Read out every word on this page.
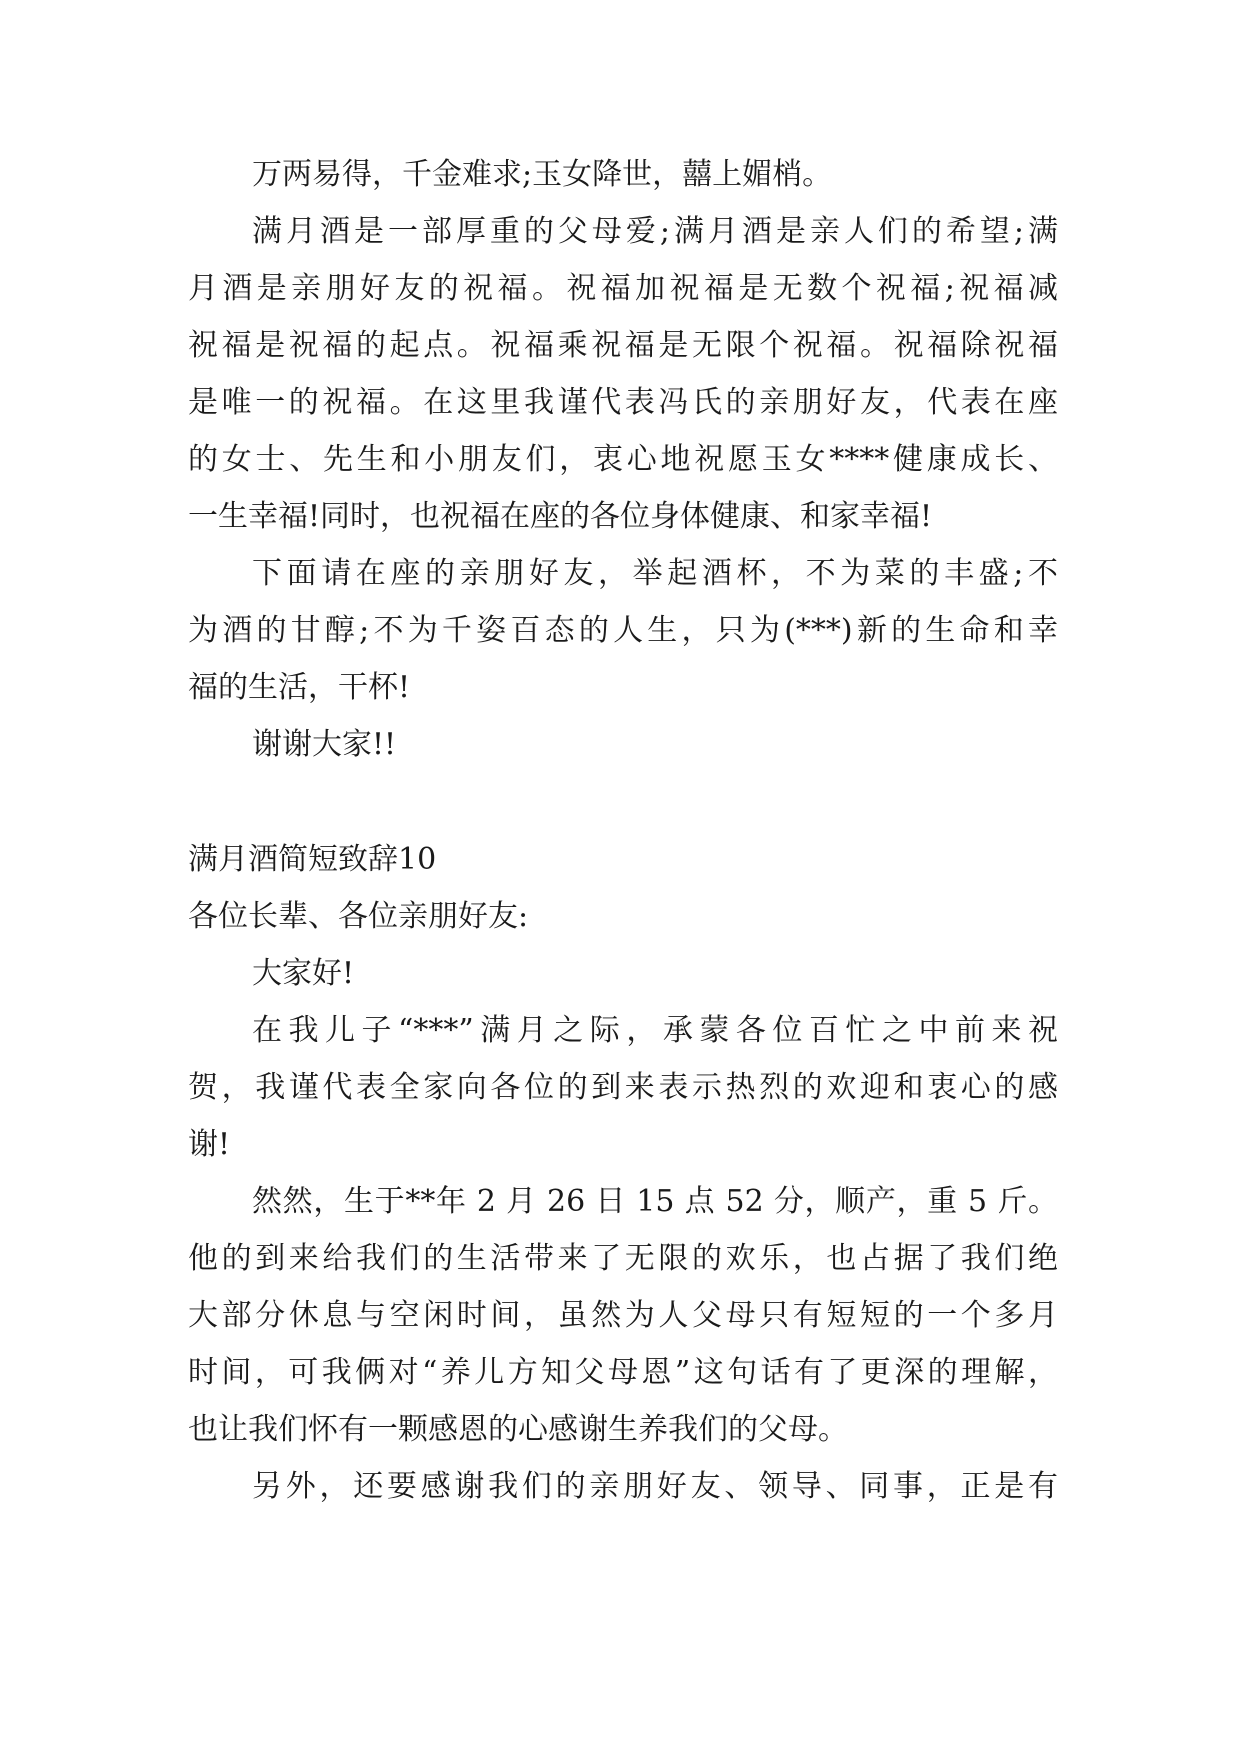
万两易得，千金难求;玉女降世，囍上媚梢。
满月酒是一部厚重的父母爱;满月酒是亲人们的希望;满
月酒是亲朋好友的祝福。祝福加祝福是无数个祝福;祝福减
祝福是祝福的起点。祝福乘祝福是无限个祝福。祝福除祝福
是唯一的祝福。在这里我谨代表冯氏的亲朋好友，代表在座
的女士、先生和小朋友们，衷心地祝愿玉女****健康成长、
一生幸福!同时，也祝福在座的各位身体健康、和家幸福!
下面请在座的亲朋好友，举起酒杯，不为菜的丰盛;不
为酒的甘醇;不为千姿百态的人生，只为(***)新的生命和幸
福的生活，干杯!
谢谢大家!!
满月酒简短致辞10
各位长辈、各位亲朋好友:
大家好!
在我儿子“***”满月之际，承蒙各位百忙之中前来祝
贺，我谨代表全家向各位的到来表示热烈的欢迎和衷心的感
谢!
然然，生于**年 2 月 26 日 15 点 52 分，顺产，重 5 斤。
他的到来给我们的生活带来了无限的欢乐，也占据了我们绝
大部分休息与空闲时间，虽然为人父母只有短短的一个多月
时间，可我俩对“养儿方知父母恩”这句话有了更深的理解，
也让我们怀有一颗感恩的心感谢生养我们的父母。
另外，还要感谢我们的亲朋好友、领导、同事，正是有
